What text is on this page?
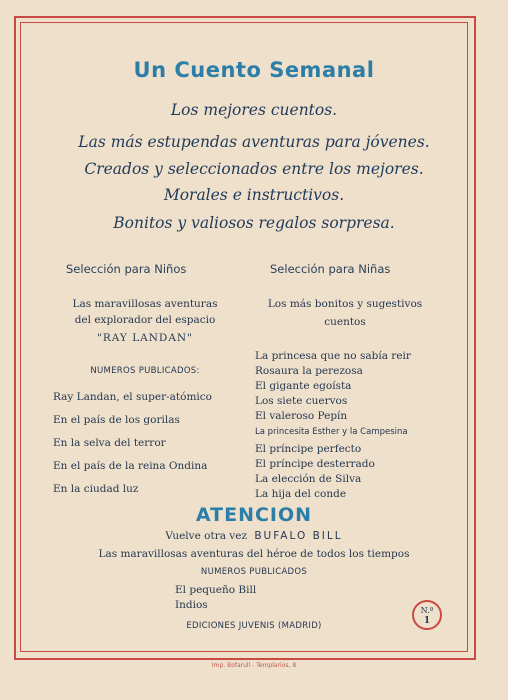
Un Cuento Semanal
Los mejores cuentos.
Las más estupendas aventuras para jóvenes.
Creados y seleccionados entre los mejores.
Morales e instructivos.
Bonitos y valiosos regalos sorpresa.
Selección para Niños
Las maravillosas aventuras
del explorador del espacio
"RAY LANDAN"
NUMEROS PUBLICADOS:
Ray Landan, el super-atómico
En el país de los gorilas
En la selva del terror
En el país de la reina Ondina
En la ciudad luz
Selección para Niñas
Los más bonitos y sugestivos
cuentos
La princesa que no sabía reir
Rosaura la perezosa
El gigante egoísta
Los siete cuervos
El valeroso Pepín
La princesita Esther y la Campesina
El príncipe perfecto
El príncipe desterrado
La elección de Silva
La hija del conde
ATENCION
Vuelve otra vez BUFALO BILL
Las maravillosas aventuras del héroe de todos los tiempos
NUMEROS PUBLICADOS
El pequeño Bill
Indios
EDICIONES JUVENIS (MADRID)
N.º
1
Imp. Bofarull - Templarios, 8
